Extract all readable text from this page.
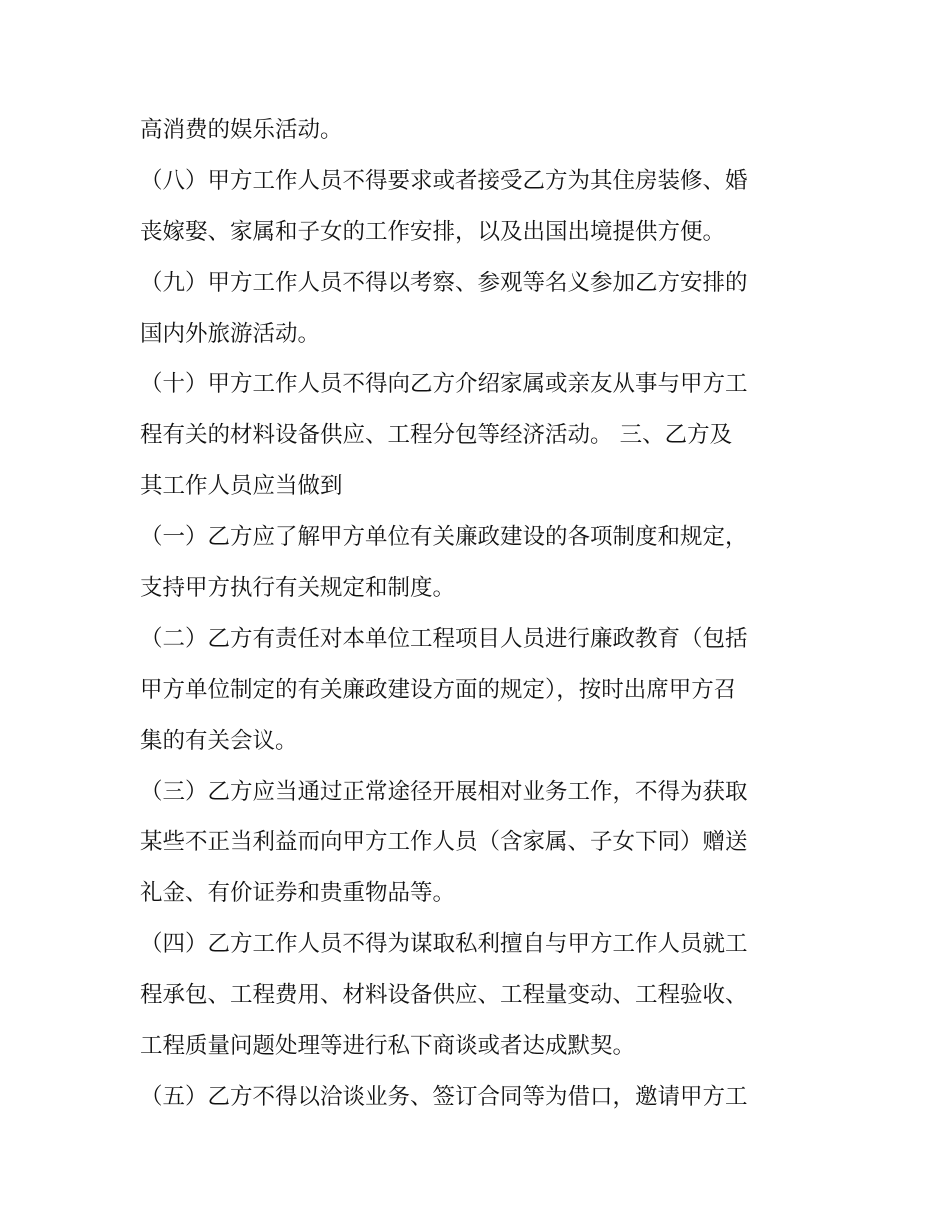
高消费的娱乐活动。
（八）甲方工作人员不得要求或者接受乙方为其住房装修、婚
丧嫁娶、家属和子女的工作安排，以及出国出境提供方便。
（九）甲方工作人员不得以考察、参观等名义参加乙方安排的
国内外旅游活动。
（十）甲方工作人员不得向乙方介绍家属或亲友从事与甲方工
程有关的材料设备供应、工程分包等经济活动。 三、乙方及
其工作人员应当做到
（一）乙方应了解甲方单位有关廉政建设的各项制度和规定，
支持甲方执行有关规定和制度。
（二）乙方有责任对本单位工程项目人员进行廉政教育（包括
甲方单位制定的有关廉政建设方面的规定），按时出席甲方召
集的有关会议。
（三）乙方应当通过正常途径开展相对业务工作，不得为获取
某些不正当利益而向甲方工作人员（含家属、子女下同）赠送
礼金、有价证券和贵重物品等。
（四）乙方工作人员不得为谋取私利擅自与甲方工作人员就工
程承包、工程费用、材料设备供应、工程量变动、工程验收、
工程质量问题处理等进行私下商谈或者达成默契。
（五）乙方不得以洽谈业务、签订合同等为借口，邀请甲方工
